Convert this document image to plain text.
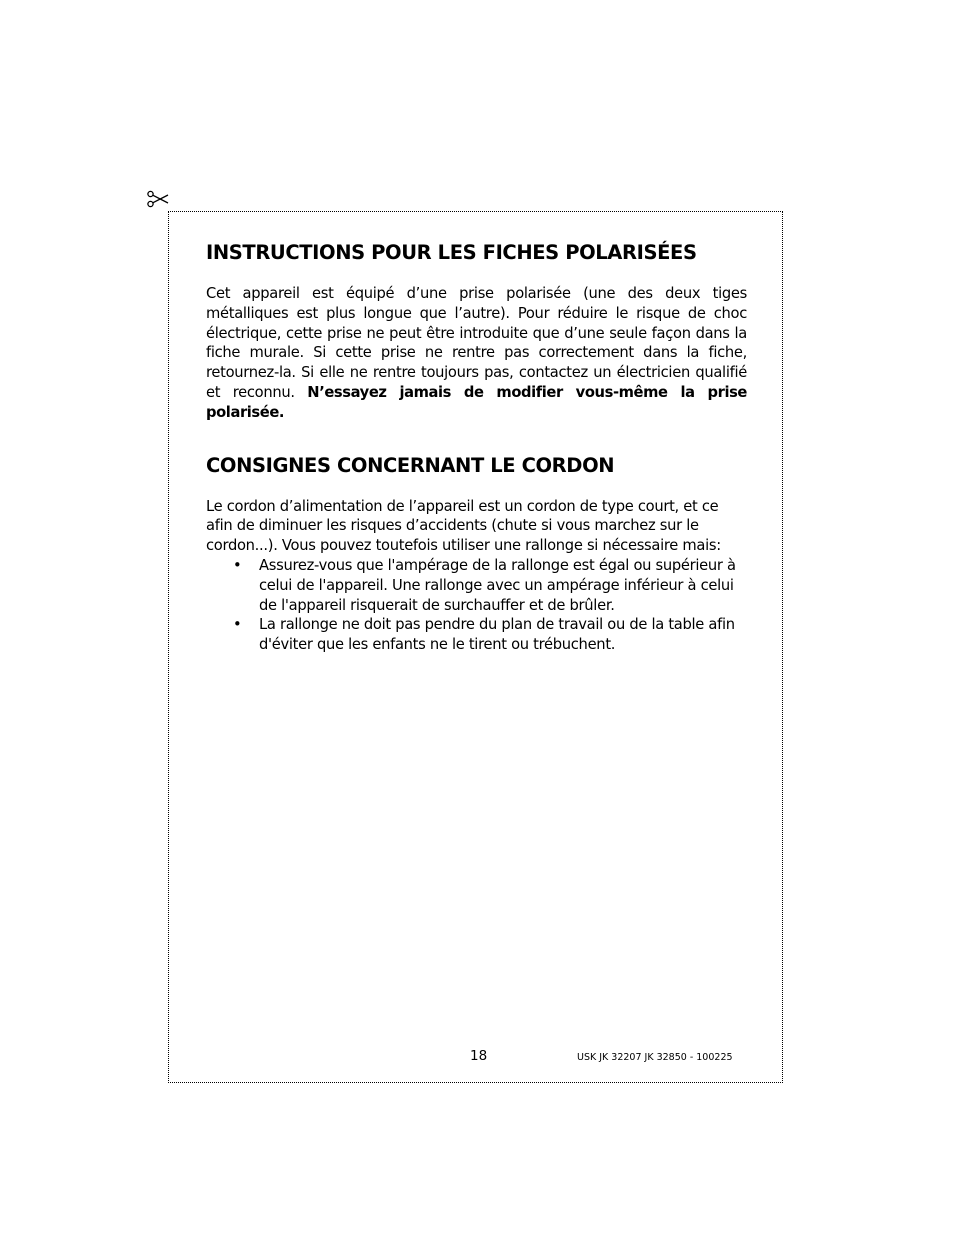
INSTRUCTIONS POUR LES FICHES POLARISÉES

Cet appareil est équipé d’une prise polarisée (une des deux tiges métalliques est plus longue que l’autre). Pour réduire le risque de choc électrique, cette prise ne peut être introduite que d’une seule façon dans la fiche murale. Si cette prise ne rentre pas correctement dans la fiche, retournez-la. Si elle ne rentre toujours pas, contactez un électricien qualifié et reconnu. N’essayez jamais de modifier vous-même la prise polarisée.

CONSIGNES CONCERNANT LE CORDON

Le cordon d’alimentation de l’appareil est un cordon de type court, et ce afin de diminuer les risques d’accidents (chute si vous marchez sur le cordon...). Vous pouvez toutefois utiliser une rallonge si nécessaire mais:

• Assurez-vous que l'ampérage de la rallonge est égal ou supérieur à celui de l'appareil. Une rallonge avec un ampérage inférieur à celui de l'appareil risquerait de surchauffer et de brûler.
• La rallonge ne doit pas pendre du plan de travail ou de la table afin d'éviter que les enfants ne le tirent ou trébuchent.
18	USK JK 32207 JK 32850 - 100225
